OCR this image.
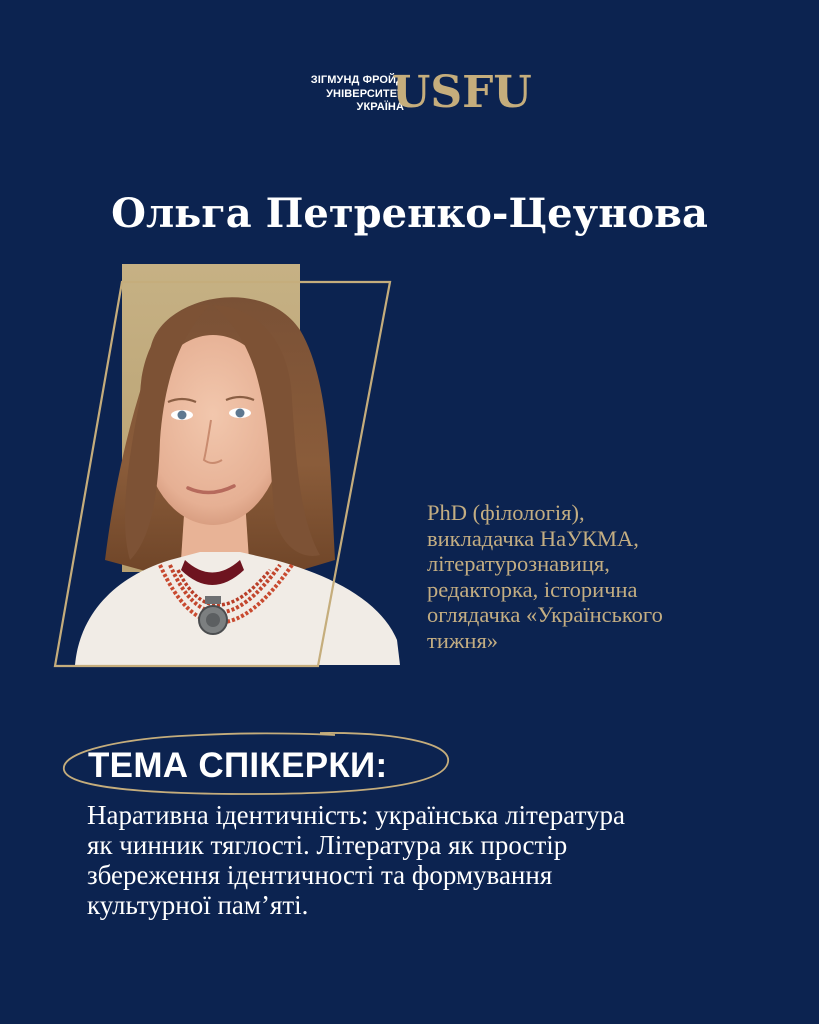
ЗІГМУНД ФРОЙД
УНІВЕРСИТЕТ
УКРАЇНА
USFU
Ольга Петренко-Цеунова
PhD (філологія),
викладачка НаУКМА,
літературознавиця,
редакторка, історична
оглядачка «Українського
тижня»
ТЕМА СПІКЕРКИ:
Наративна ідентичність: українська література
як чинник тяглості. Література як простір
збереження ідентичності та формування
культурної пам’яті.
